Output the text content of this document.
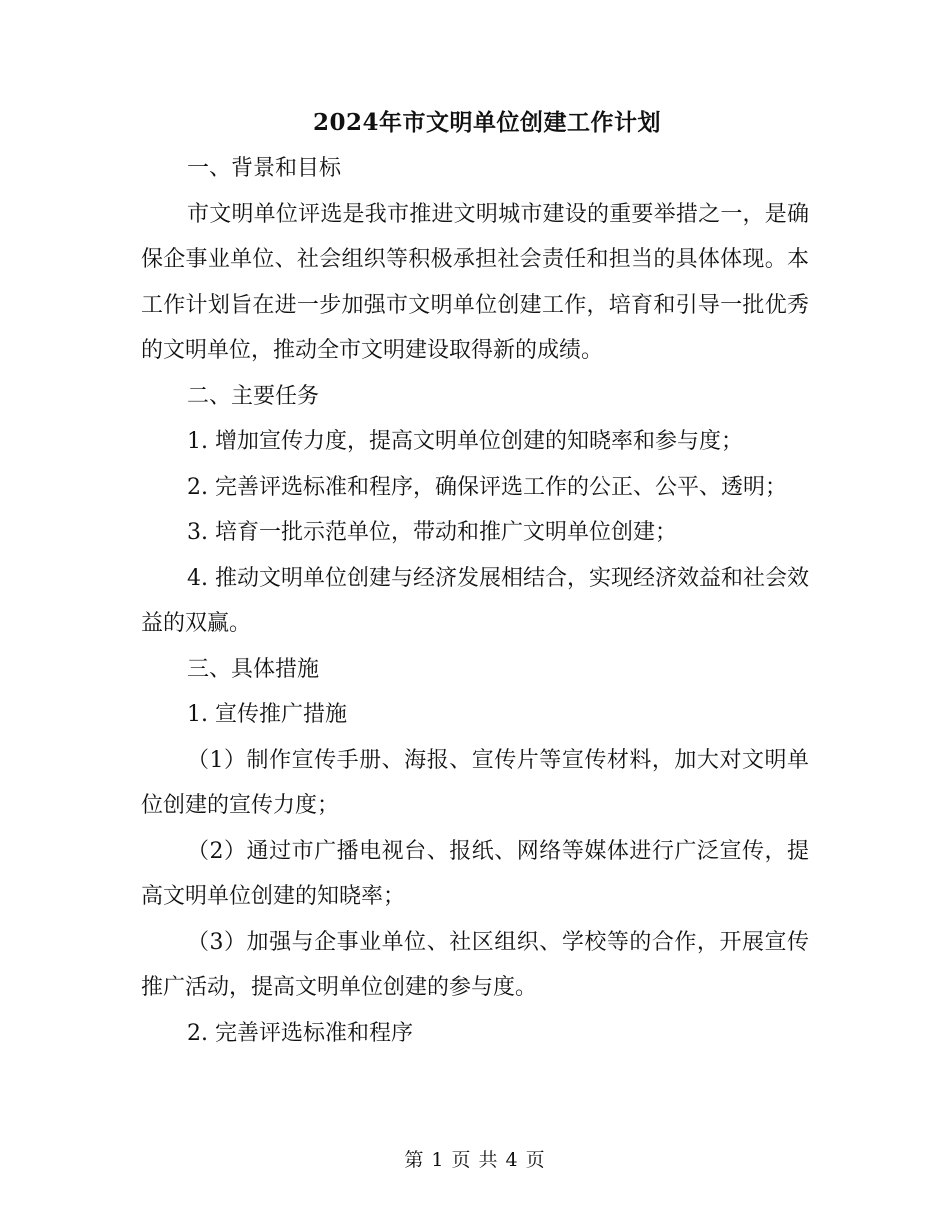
2024年市文明单位创建工作计划

一、背景和目标

市文明单位评选是我市推进文明城市建设的重要举措之一，是确保企事业单位、社会组织等积极承担社会责任和担当的具体体现。本工作计划旨在进一步加强市文明单位创建工作，培育和引导一批优秀的文明单位，推动全市文明建设取得新的成绩。

二、主要任务

1. 增加宣传力度，提高文明单位创建的知晓率和参与度；

2. 完善评选标准和程序，确保评选工作的公正、公平、透明；

3. 培育一批示范单位，带动和推广文明单位创建；

4. 推动文明单位创建与经济发展相结合，实现经济效益和社会效益的双赢。

三、具体措施

1. 宣传推广措施

（1）制作宣传手册、海报、宣传片等宣传材料，加大对文明单位创建的宣传力度；

（2）通过市广播电视台、报纸、网络等媒体进行广泛宣传，提高文明单位创建的知晓率；

（3）加强与企事业单位、社区组织、学校等的合作，开展宣传推广活动，提高文明单位创建的参与度。

2. 完善评选标准和程序

第 1 页 共 4 页
